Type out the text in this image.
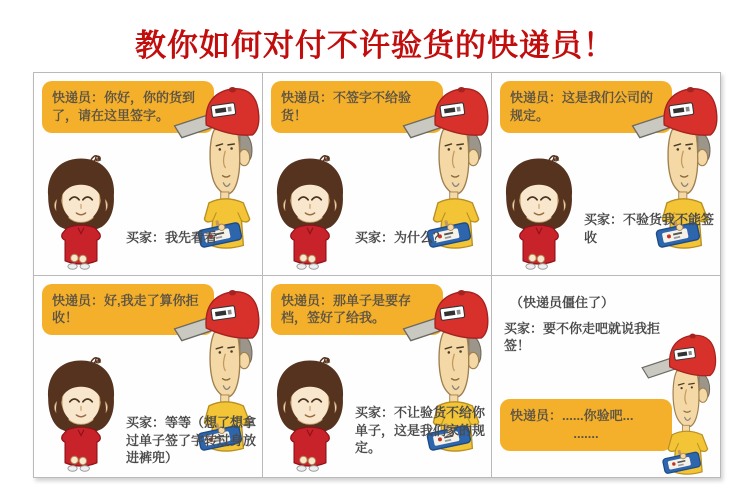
教你如何对付不许验货的快递员！
快递员：你好，你的货到了，请在这里签字。
买家：我先看看
快递员：不签字不给验货！
买家：为什么？
快递员：这是我们公司的规定。
买家：不验货我不能签收
快递员：好,我走了算你拒收！
买家：等等（想了想拿过单子签了字转过身放进裤兜）
快递员：那单子是要存档，签好了给我。
买家：不让验货不给你单子，这是我们家的规定。
（快递员僵住了）
买家：要不你走吧就说我拒签！
快递员：......你验吧...
.......
